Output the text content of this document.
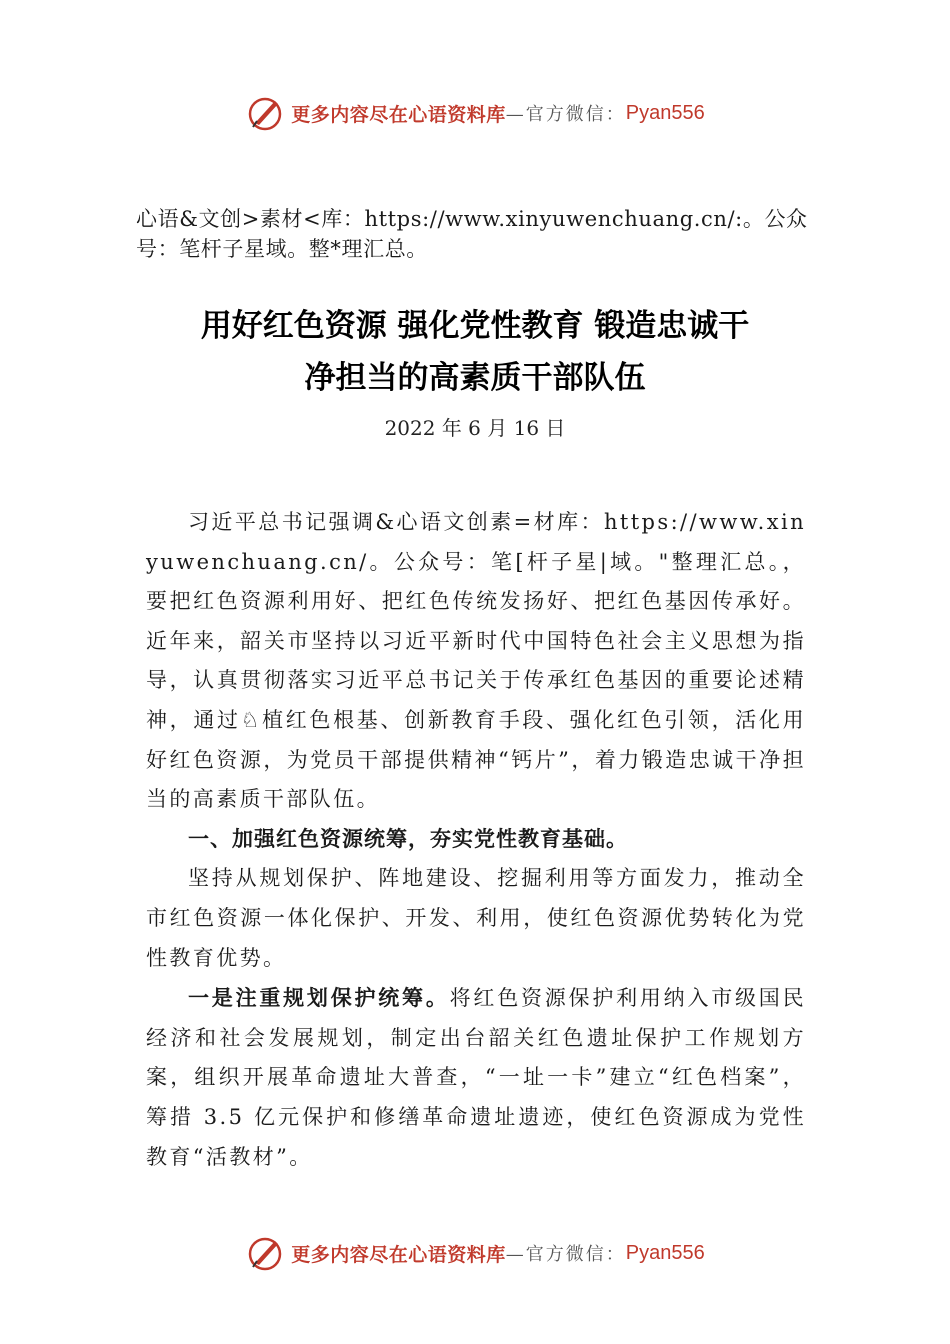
更多内容尽在心语资料库 —官方微信： Pyan556
心语&文创>素材<库：https://www.xinyuwenchuang.cn/:。公众号：笔杆子星域。整*理汇总。
用好红色资源 强化党性教育 锻造忠诚干
净担当的高素质干部队伍
2022 年 6 月 16 日

习近平总书记强调&心语文创素=材库：https://www.xinyuwenchuang.cn/。公众号：笔[杆子星|域。"整理汇总。，要把红色资源利用好、把红色传统发扬好、把红色基因传承好。近年来，韶关市坚持以习近平新时代中国特色社会主义思想为指导，认真贯彻落实习近平总书记关于传承红色基因的重要论述精神，通过♘植红色根基、创新教育手段、强化红色引领，活化用好红色资源，为党员干部提供精神“钙片”，着力锻造忠诚干净担当的高素质干部队伍。

一、加强红色资源统筹，夯实党性教育基础。

坚持从规划保护、阵地建设、挖掘利用等方面发力，推动全市红色资源一体化保护、开发、利用，使红色资源优势转化为党性教育优势。

一是注重规划保护统筹。将红色资源保护利用纳入市级国民经济和社会发展规划，制定出台韶关红色遗址保护工作规划方案，组织开展革命遗址大普查，“一址一卡”建立“红色档案”，筹措 3.5 亿元保护和修缮革命遗址遗迹，使红色资源成为党性教育“活教材”。

更多内容尽在心语资料库 —官方微信： Pyan556
